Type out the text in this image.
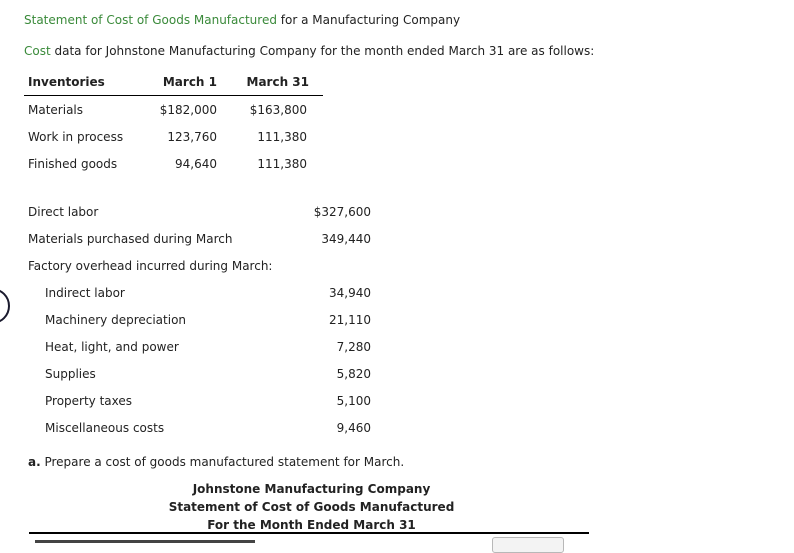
Statement of Cost of Goods Manufactured for a Manufacturing Company
Cost data for Johnstone Manufacturing Company for the month ended March 31 are as follows:
Inventories	March 1	March 31
Materials	$182,000	$163,800
Work in process	123,760	111,380
Finished goods	94,640	111,380
Direct labor	$327,600
Materials purchased during March	349,440
Factory overhead incurred during March:
Indirect labor	34,940
Machinery depreciation	21,110
Heat, light, and power	7,280
Supplies	5,820
Property taxes	5,100
Miscellaneous costs	9,460
a. Prepare a cost of goods manufactured statement for March.
Johnstone Manufacturing Company
Statement of Cost of Goods Manufactured
For the Month Ended March 31
